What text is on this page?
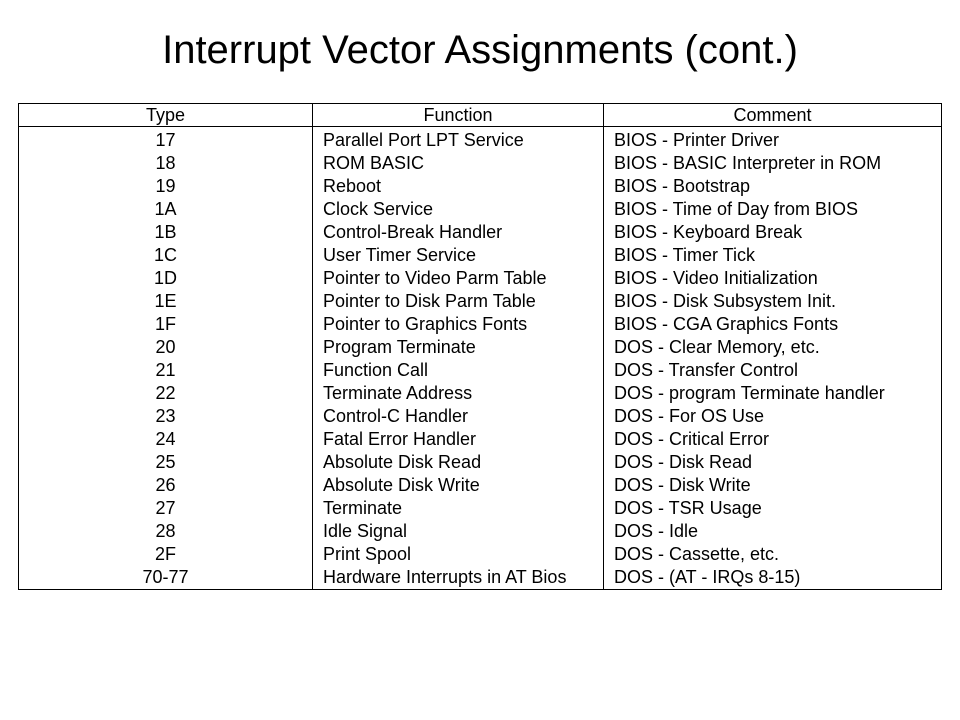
Interrupt Vector Assignments (cont.)
Type	Function	Comment
17	Parallel Port LPT Service	BIOS - Printer Driver
18	ROM BASIC	BIOS - BASIC Interpreter in ROM
19	Reboot	BIOS - Bootstrap
1A	Clock Service	BIOS - Time of Day from BIOS
1B	Control-Break Handler	BIOS - Keyboard Break
1C	User Timer Service	BIOS - Timer Tick
1D	Pointer to Video Parm Table	BIOS - Video Initialization
1E	Pointer to Disk Parm Table	BIOS - Disk Subsystem Init.
1F	Pointer to Graphics Fonts	BIOS - CGA Graphics Fonts
20	Program Terminate	DOS - Clear Memory, etc.
21	Function Call	DOS - Transfer Control
22	Terminate Address	DOS - program Terminate handler
23	Control-C Handler	DOS - For OS Use
24	Fatal Error Handler	DOS - Critical Error
25	Absolute Disk Read	DOS - Disk Read
26	Absolute Disk Write	DOS - Disk Write
27	Terminate	DOS - TSR Usage
28	Idle Signal	DOS - Idle
2F	Print Spool	DOS - Cassette, etc.
70-77	Hardware Interrupts in AT Bios	DOS - (AT - IRQs 8-15)
